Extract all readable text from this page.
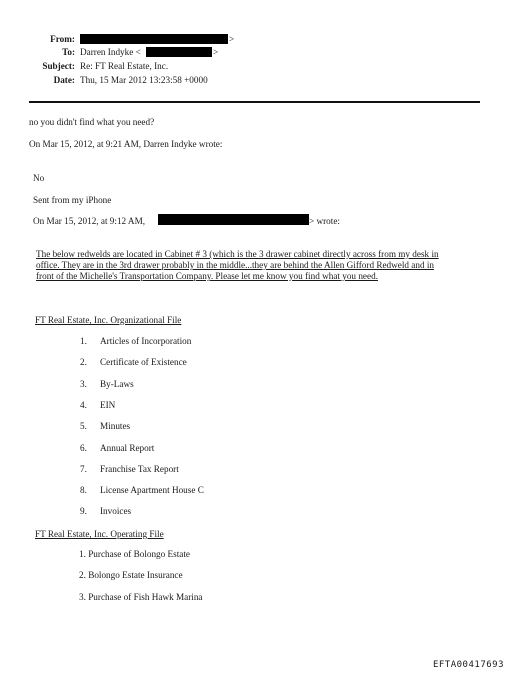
From:	>
To: Darren Indyke <	>
Subject: Re: FT Real Estate, Inc.
Date: Thu, 15 Mar 2012 13:23:58 +0000
no you didn't find what you need?
On Mar 15, 2012, at 9:21 AM, Darren Indyke wrote:
No
Sent from my iPhone
On Mar 15, 2012, at 9:12 AM,	> wrote:
The below redwelds are located in Cabinet # 3 (which is the 3 drawer cabinet directly across from my desk in
office. They are in the 3rd drawer probably in the middle...they are behind the Allen Gifford Redweld and in
front of the Michelle's Transportation Company. Please let me know you find what you need.
FT Real Estate, Inc. Organizational File
1. Articles of Incorporation
2. Certificate of Existence
3. By-Laws
4. EIN
5. Minutes
6. Annual Report
7. Franchise Tax Report
8. License Apartment House C
9. Invoices
FT Real Estate, Inc. Operating File
1. Purchase of Bolongo Estate
2. Bolongo Estate Insurance
3. Purchase of Fish Hawk Marina
EFTA00417693
